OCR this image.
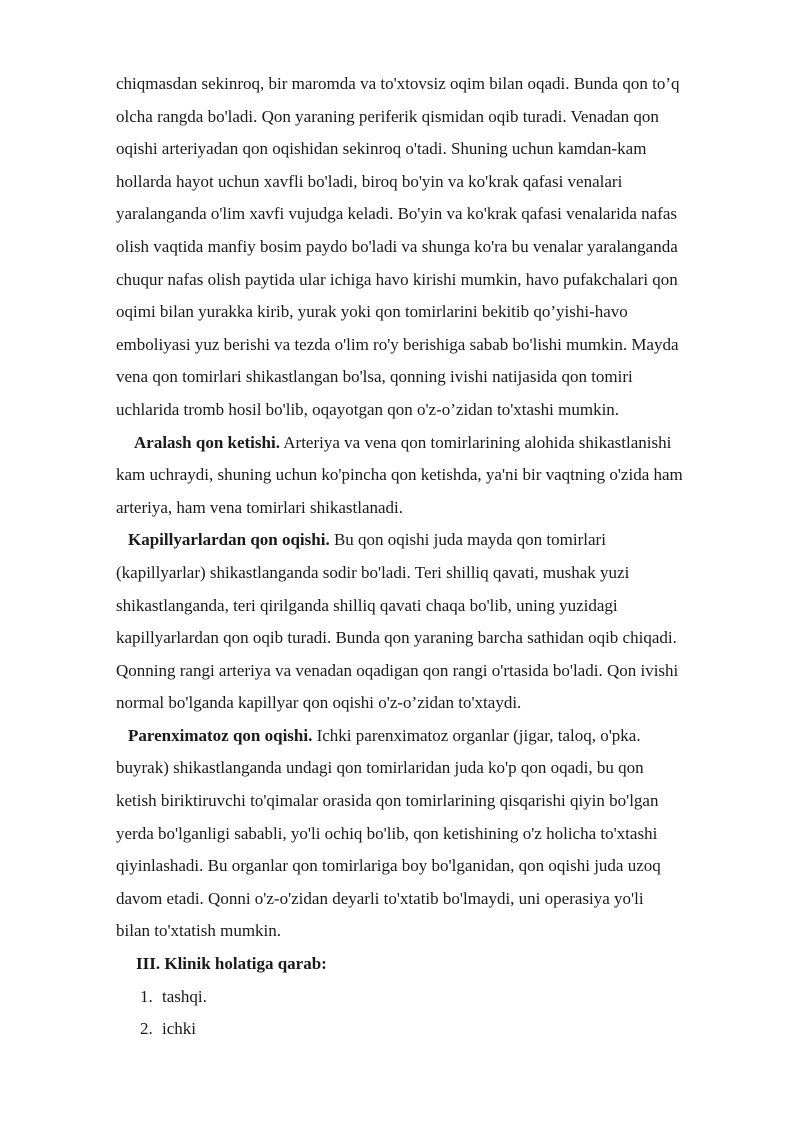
chiqmasdan sekinroq, bir maromda va to'xtovsiz oqim bilan oqadi. Bunda qon to’q
olcha rangda bo'ladi. Qon yaraning periferik qismidan oqib turadi. Venadan qon
oqishi arteriyadan qon oqishidan sekinroq o'tadi. Shuning uchun kamdan-kam
hollarda hayot uchun xavfli bo'ladi, biroq bo'yin va ko'krak qafasi venalari
yaralanganda o'lim xavfi vujudga keladi. Bo'yin va ko'krak qafasi venalarida nafas
olish vaqtida manfiy bosim paydo bo'ladi va shunga ko'ra bu venalar yaralanganda
chuqur nafas olish paytida ular ichiga havo kirishi mumkin, havo pufakchalari qon
oqimi bilan yurakka kirib, yurak yoki qon tomirlarini bekitib qo’yishi-havo
emboliyasi yuz berishi va tezda o'lim ro'y berishiga sabab bo'lishi mumkin. Mayda
vena qon tomirlari shikastlangan bo'lsa, qonning ivishi natijasida qon tomiri
uchlarida tromb hosil bo'lib, oqayotgan qon o'z-o’zidan to'xtashi mumkin.
Aralash qon ketishi. Arteriya va vena qon tomirlarining alohida shikastlanishi
kam uchraydi, shuning uchun ko'pincha qon ketishda, ya'ni bir vaqtning o'zida ham
arteriya, ham vena tomirlari shikastlanadi.
Kapillyarlardan qon oqishi. Bu qon oqishi juda mayda qon tomirlari
(kapillyarlar) shikastlanganda sodir bo'ladi. Teri shilliq qavati, mushak yuzi
shikastlanganda, teri qirilganda shilliq qavati chaqa bo'lib, uning yuzidagi
kapillyarlardan qon oqib turadi. Bunda qon yaraning barcha sathidan oqib chiqadi.
Qonning rangi arteriya va venadan oqadigan qon rangi o'rtasida bo'ladi. Qon ivishi
normal bo'lganda kapillyar qon oqishi o'z-o’zidan to'xtaydi.
Parenximatoz qon oqishi. Ichki parenximatoz organlar (jigar, taloq, o'pka.
buyrak) shikastlanganda undagi qon tomirlaridan juda ko'p qon oqadi, bu qon
ketish biriktiruvchi to'qimalar orasida qon tomirlarining qisqarishi qiyin bo'lgan
yerda bo'lganligi sababli, yo'li ochiq bo'lib, qon ketishining o'z holicha to'xtashi
qiyinlashadi. Bu organlar qon tomirlariga boy bo'lganidan, qon oqishi juda uzoq
davom etadi. Qonni o'z-o'zidan deyarli to'xtatib bo'lmaydi, uni operasiya yo'li
bilan to'xtatish mumkin.
III. Klinik holatiga qarab:
1. tashqi.
2. ichki
